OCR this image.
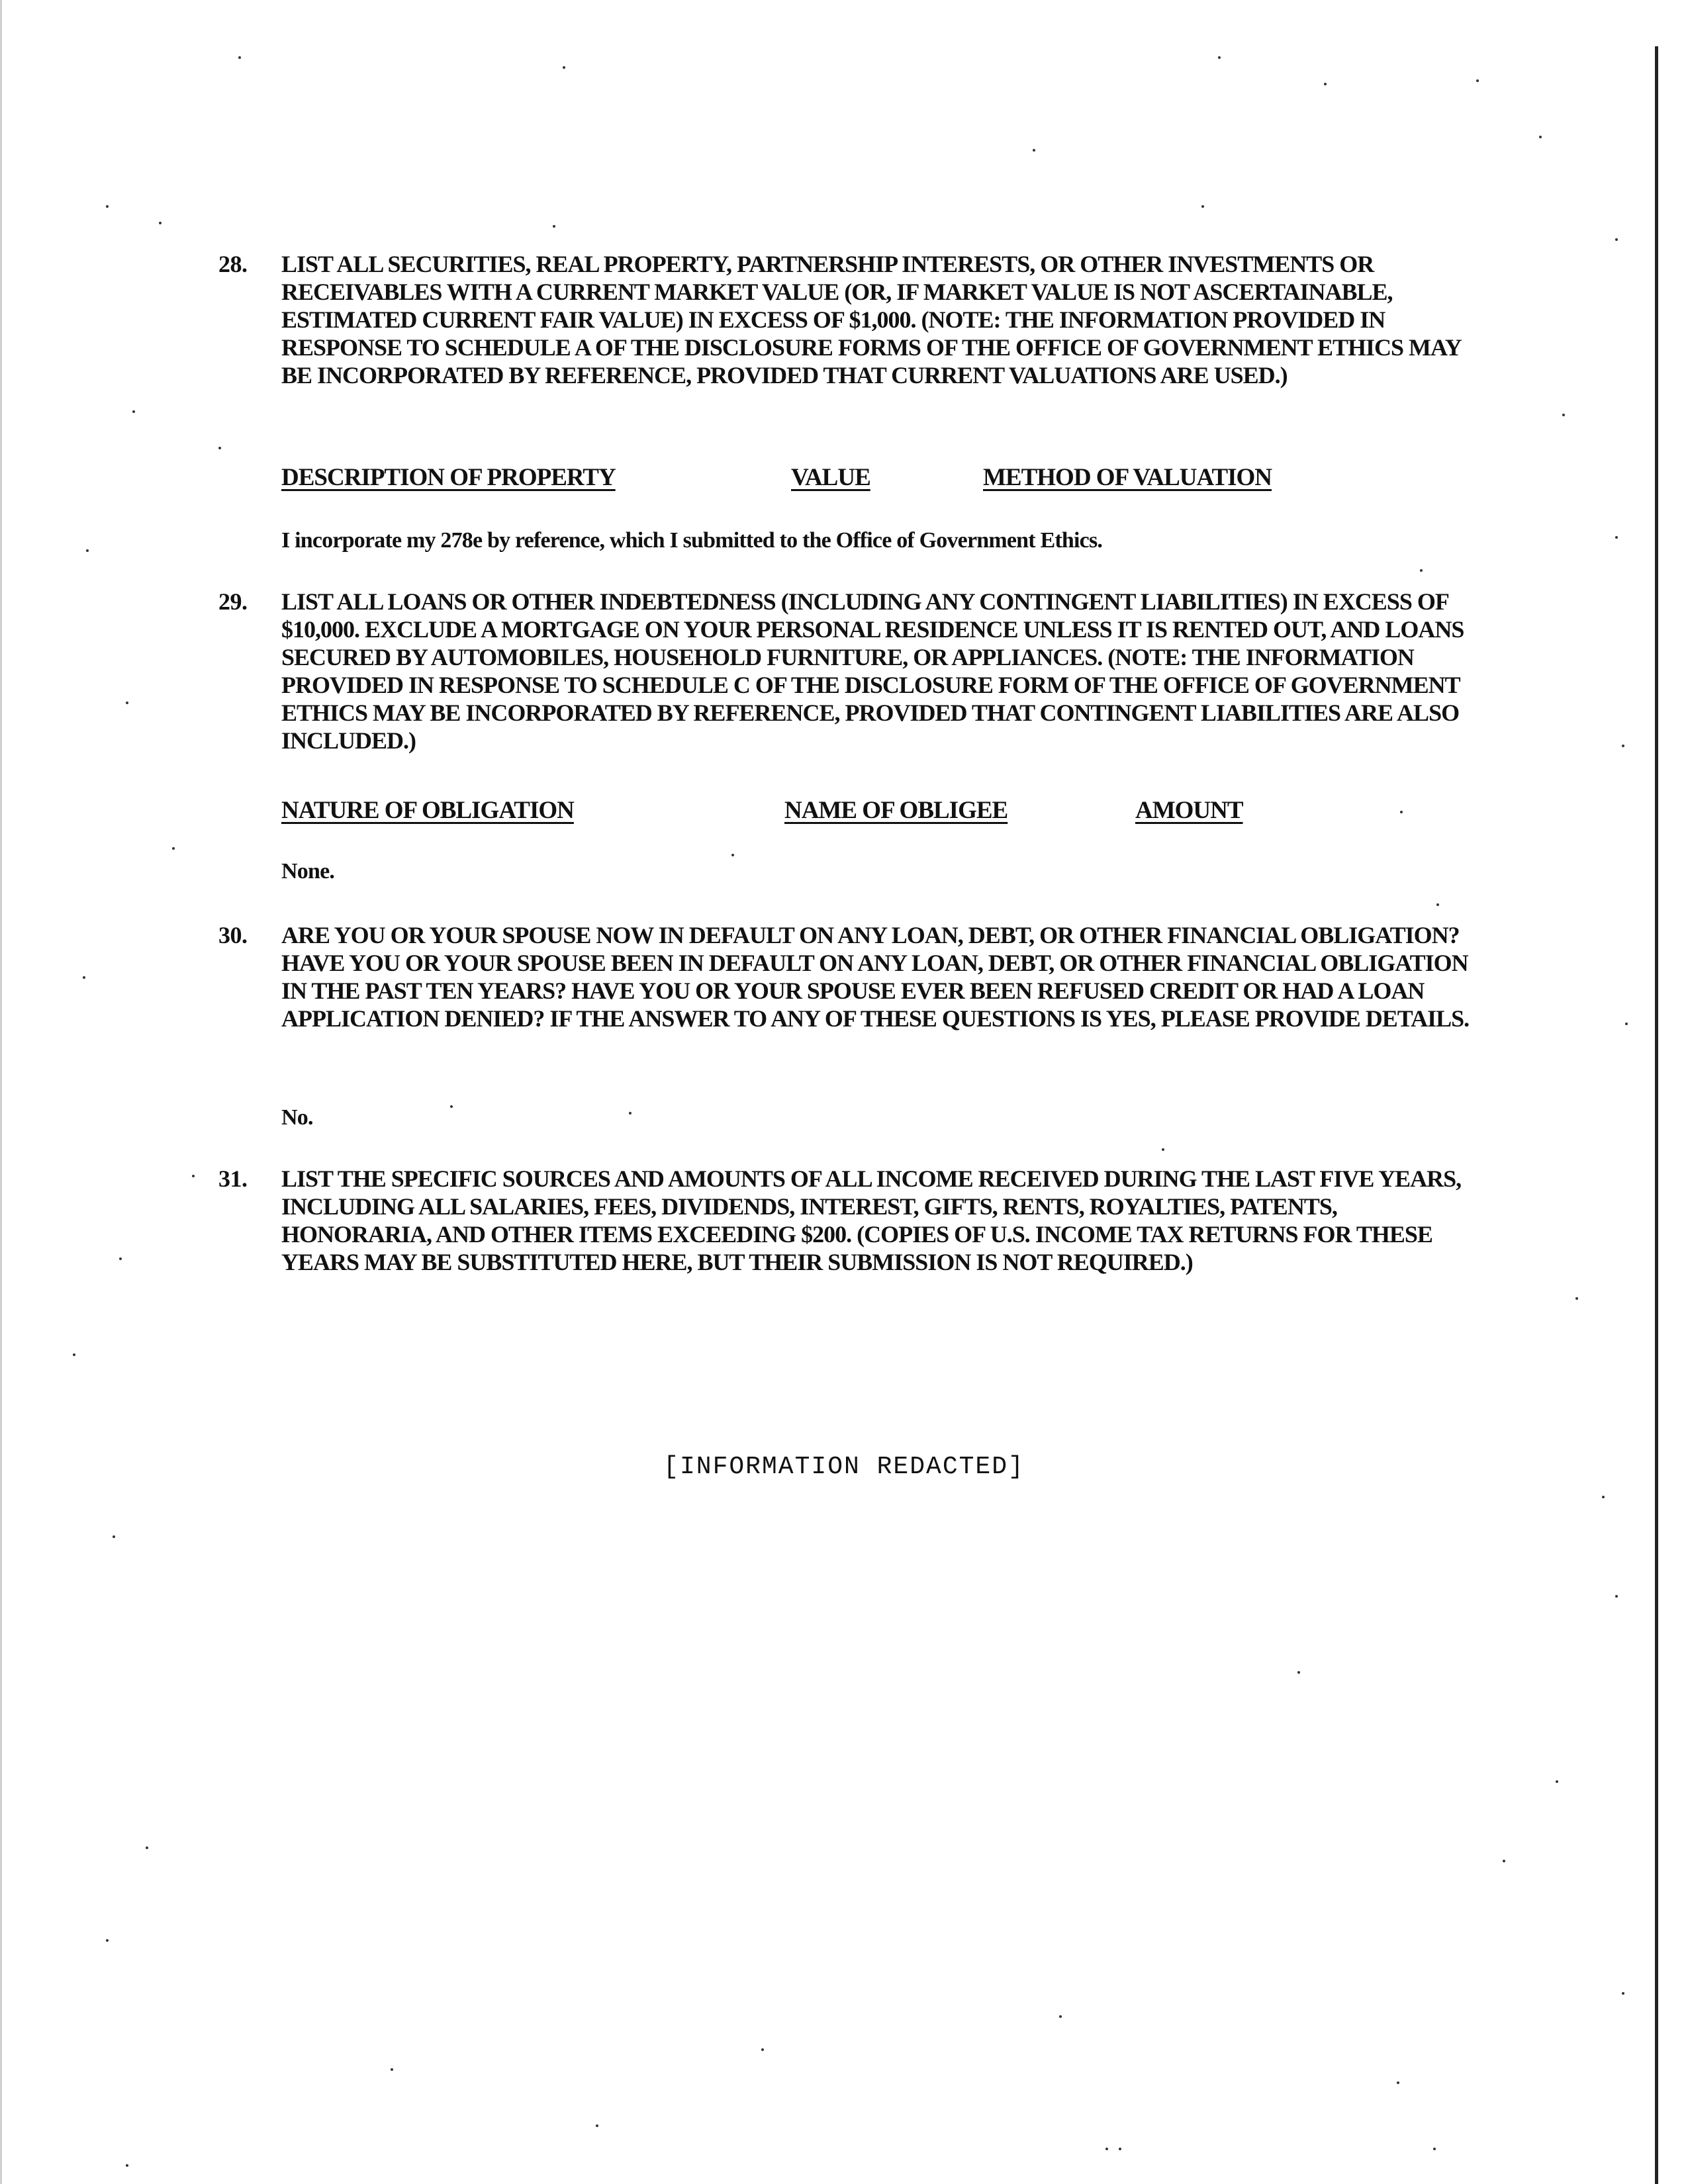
28.	LIST ALL SECURITIES, REAL PROPERTY, PARTNERSHIP INTERESTS, OR OTHER INVESTMENTS OR RECEIVABLES WITH A CURRENT MARKET VALUE (OR, IF MARKET VALUE IS NOT ASCERTAINABLE, ESTIMATED CURRENT FAIR VALUE) IN EXCESS OF $1,000. (NOTE: THE INFORMATION PROVIDED IN RESPONSE TO SCHEDULE A OF THE DISCLOSURE FORMS OF THE OFFICE OF GOVERNMENT ETHICS MAY BE INCORPORATED BY REFERENCE, PROVIDED THAT CURRENT VALUATIONS ARE USED.)
DESCRIPTION OF PROPERTY	VALUE	METHOD OF VALUATION
I incorporate my 278e by reference, which I submitted to the Office of Government Ethics.
29.	LIST ALL LOANS OR OTHER INDEBTEDNESS (INCLUDING ANY CONTINGENT LIABILITIES) IN EXCESS OF $10,000. EXCLUDE A MORTGAGE ON YOUR PERSONAL RESIDENCE UNLESS IT IS RENTED OUT, AND LOANS SECURED BY AUTOMOBILES, HOUSEHOLD FURNITURE, OR APPLIANCES. (NOTE: THE INFORMATION PROVIDED IN RESPONSE TO SCHEDULE C OF THE DISCLOSURE FORM OF THE OFFICE OF GOVERNMENT ETHICS MAY BE INCORPORATED BY REFERENCE, PROVIDED THAT CONTINGENT LIABILITIES ARE ALSO INCLUDED.)
NATURE OF OBLIGATION	NAME OF OBLIGEE	AMOUNT
None.
30.	ARE YOU OR YOUR SPOUSE NOW IN DEFAULT ON ANY LOAN, DEBT, OR OTHER FINANCIAL OBLIGATION? HAVE YOU OR YOUR SPOUSE BEEN IN DEFAULT ON ANY LOAN, DEBT, OR OTHER FINANCIAL OBLIGATION IN THE PAST TEN YEARS? HAVE YOU OR YOUR SPOUSE EVER BEEN REFUSED CREDIT OR HAD A LOAN APPLICATION DENIED? IF THE ANSWER TO ANY OF THESE QUESTIONS IS YES, PLEASE PROVIDE DETAILS.
No.
31.	LIST THE SPECIFIC SOURCES AND AMOUNTS OF ALL INCOME RECEIVED DURING THE LAST FIVE YEARS, INCLUDING ALL SALARIES, FEES, DIVIDENDS, INTEREST, GIFTS, RENTS, ROYALTIES, PATENTS, HONORARIA, AND OTHER ITEMS EXCEEDING $200. (COPIES OF U.S. INCOME TAX RETURNS FOR THESE YEARS MAY BE SUBSTITUTED HERE, BUT THEIR SUBMISSION IS NOT REQUIRED.)
[INFORMATION REDACTED]
